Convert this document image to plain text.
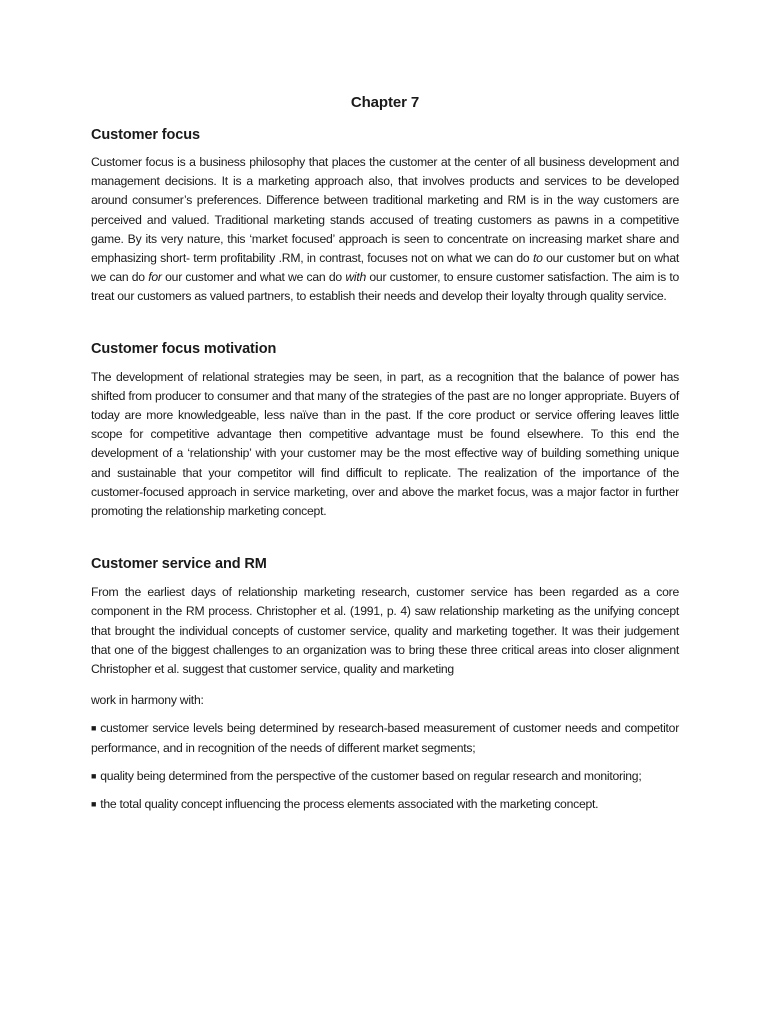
Chapter 7
Customer focus

Customer focus is a business philosophy that places the customer at the center of all business development and management decisions. It is a marketing approach also, that involves products and services to be developed around consumer’s preferences. Difference between traditional marketing and RM is in the way customers are perceived and valued. Traditional marketing stands accused of treating customers as pawns in a competitive game. By its very nature, this ‘market focused’ approach is seen to concentrate on increasing market share and emphasizing short- term profitability .RM, in contrast, focuses not on what we can do to our customer but on what we can do for our customer and what we can do with our customer, to ensure customer satisfaction. The aim is to treat our customers as valued partners, to establish their needs and develop their loyalty through quality service.

Customer focus motivation

The development of relational strategies may be seen, in part, as a recognition that the balance of power has shifted from producer to consumer and that many of the strategies of the past are no longer appropriate. Buyers of today are more knowledgeable, less naïve than in the past. If the core product or service offering leaves little scope for competitive advantage then competitive advantage must be found elsewhere. To this end the development of a ‘relationship’ with your customer may be the most effective way of building something unique and sustainable that your competitor will find difficult to replicate. The realization of the importance of the customer-focused approach in service marketing, over and above the market focus, was a major factor in further promoting the relationship marketing concept.

Customer service and RM

From the earliest days of relationship marketing research, customer service has been regarded as a core component in the RM process. Christopher et al. (1991, p. 4) saw relationship marketing as the unifying concept that brought the individual concepts of customer service, quality and marketing together. It was their judgement that one of the biggest challenges to an organization was to bring these three critical areas into closer alignment Christopher et al. suggest that customer service, quality and marketing

work in harmony with:

■ customer service levels being determined by research-based measurement of customer needs and competitor performance, and in recognition of the needs of different market segments;

■ quality being determined from the perspective of the customer based on regular research and monitoring;

■ the total quality concept influencing the process elements associated with the marketing concept.
